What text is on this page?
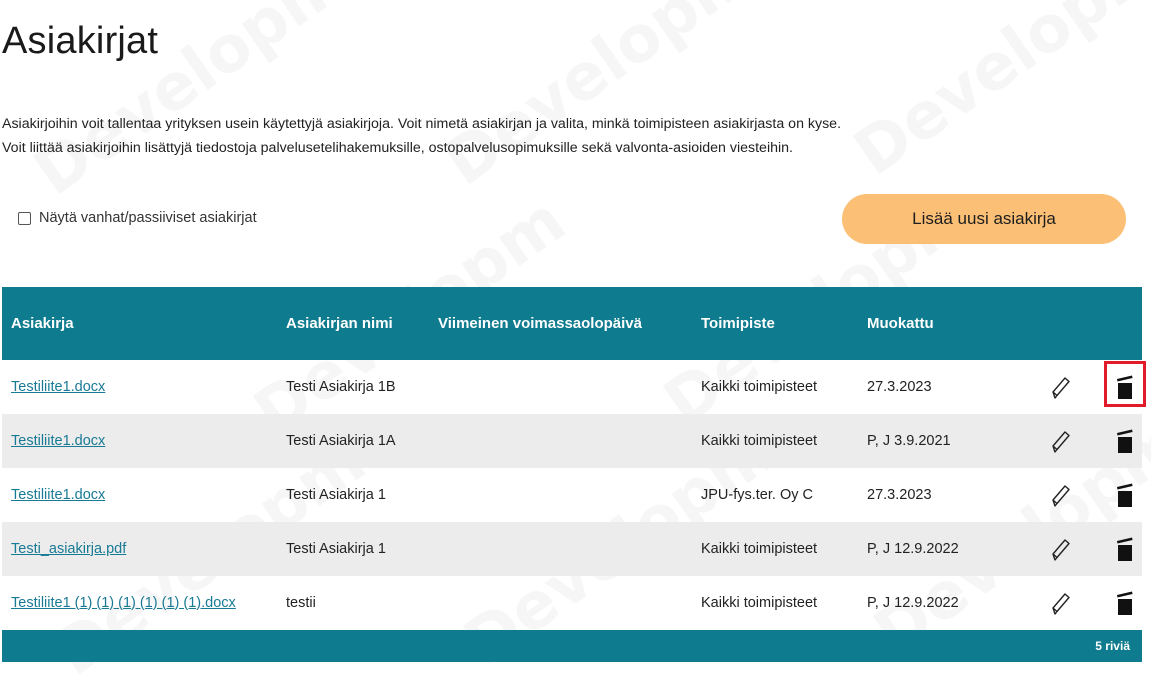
Asiakirjat

Asiakirjoihin voit tallentaa yrityksen usein käytettyjä asiakirjoja. Voit nimetä asiakirjan ja valita, minkä toimipisteen asiakirjasta on kyse.

Voit liittää asiakirjoihin lisättyjä tiedostoja palvelusetelihakemuksille, ostopalvelusopimuksille sekä valvonta-asioiden viesteihin.

Näytä vanhat/passiiviset asiakirjat	Lisää uusi asiakirja
Asiakirja	Asiakirjan nimi	Viimeinen voimassaolopäivä	Toimipiste	Muokattu	
Testiliite1.docx	Testi Asiakirja 1B		Kaikki toimipisteet	27.3.2023	

Testiliite1.docx	Testi Asiakirja 1A		Kaikki toimipisteet	P, J 3.9.2021	

Testiliite1.docx	Testi Asiakirja 1		JPU-fys.ter. Oy C	27.3.2023	

Testi_asiakirja.pdf	Testi Asiakirja 1		Kaikki toimipisteet	P, J 12.9.2022	

Testiliite1 (1) (1) (1) (1) (1) (1).docx	testii		Kaikki toimipisteet	P, J 12.9.2022	

5 riviä					
